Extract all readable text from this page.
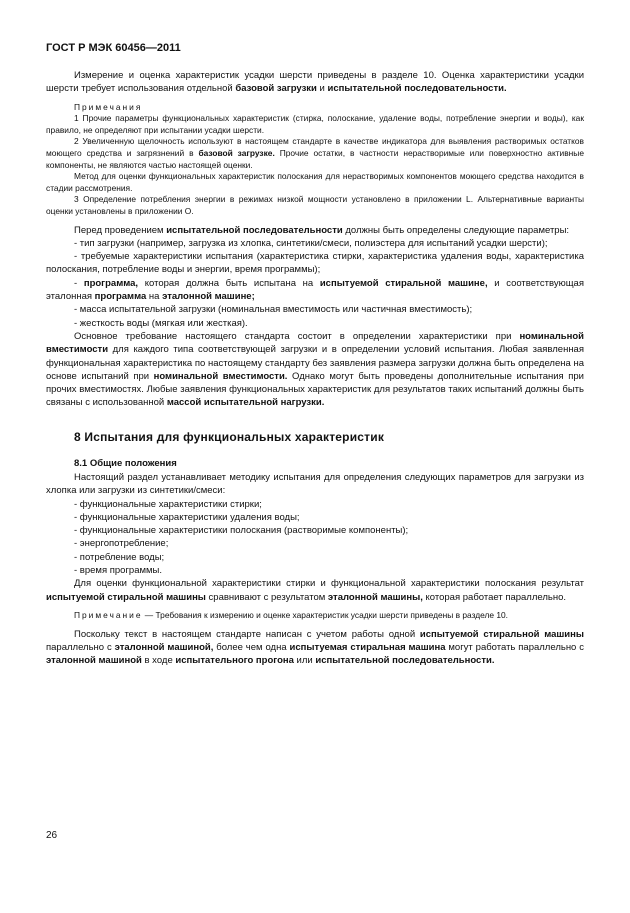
ГОСТ Р МЭК 60456—2011

Измерение и оценка характеристик усадки шерсти приведены в разделе 10. Оценка характеристики усадки шерсти требует использования отдельной базовой загрузки и испытательной последовательности.

Примечания

1 Прочие параметры функциональных характеристик (стирка, полоскание, удаление воды, потребление энергии и воды), как правило, не определяют при испытании усадки шерсти.

2 Увеличенную щелочность используют в настоящем стандарте в качестве индикатора для выявления растворимых остатков моющего средства и загрязнений в базовой загрузке. Прочие остатки, в частности нерастворимые или поверхностно активные компоненты, не являются частью настоящей оценки.

Метод для оценки функциональных характеристик полоскания для нерастворимых компонентов моющего средства находится в стадии рассмотрения.

3 Определение потребления энергии в режимах низкой мощности установлено в приложении L. Альтернативные варианты оценки установлены в приложении О.

Перед проведением испытательной последовательности должны быть определены следующие параметры:

- тип загрузки (например, загрузка из хлопка, синтетики/смеси, полиэстера для испытаний усадки шерсти);

- требуемые характеристики испытания (характеристика стирки, характеристика удаления воды, характеристика полоскания, потребление воды и энергии, время программы);

- программа, которая должна быть испытана на испытуемой стиральной машине, и соответствующая эталонная программа на эталонной машине;

- масса испытательной загрузки (номинальная вместимость или частичная вместимость);

- жесткость воды (мягкая или жесткая).

Основное требование настоящего стандарта состоит в определении характеристики при номинальной вместимости для каждого типа соответствующей загрузки и в определении условий испытания. Любая заявленная функциональная характеристика по настоящему стандарту без заявления размера загрузки должна быть определена на основе испытаний при номинальной вместимости. Однако могут быть проведены дополнительные испытания при прочих вместимостях. Любые заявления функциональных характеристик для результатов таких испытаний должны быть связаны с использованной массой испытательной нагрузки.

8 Испытания для функциональных характеристик
8.1 Общие положения

Настоящий раздел устанавливает методику испытания для определения следующих параметров для загрузки из хлопка или загрузки из синтетики/смеси:

- функциональные характеристики стирки;

- функциональные характеристики удаления воды;

- функциональные характеристики полоскания (растворимые компоненты);

- энергопотребление;

- потребление воды;

- время программы.

Для оценки функциональной характеристики стирки и функциональной характеристики полоскания результат испытуемой стиральной машины сравнивают с результатом эталонной машины, которая работает параллельно.

Примечание — Требования к измерению и оценке характеристик усадки шерсти приведены в разделе 10.

Поскольку текст в настоящем стандарте написан с учетом работы одной испытуемой стиральной машины параллельно с эталонной машиной, более чем одна испытуемая стиральная машина могут работать параллельно с эталонной машиной в ходе испытательного прогона или испытательной последовательности.

26
